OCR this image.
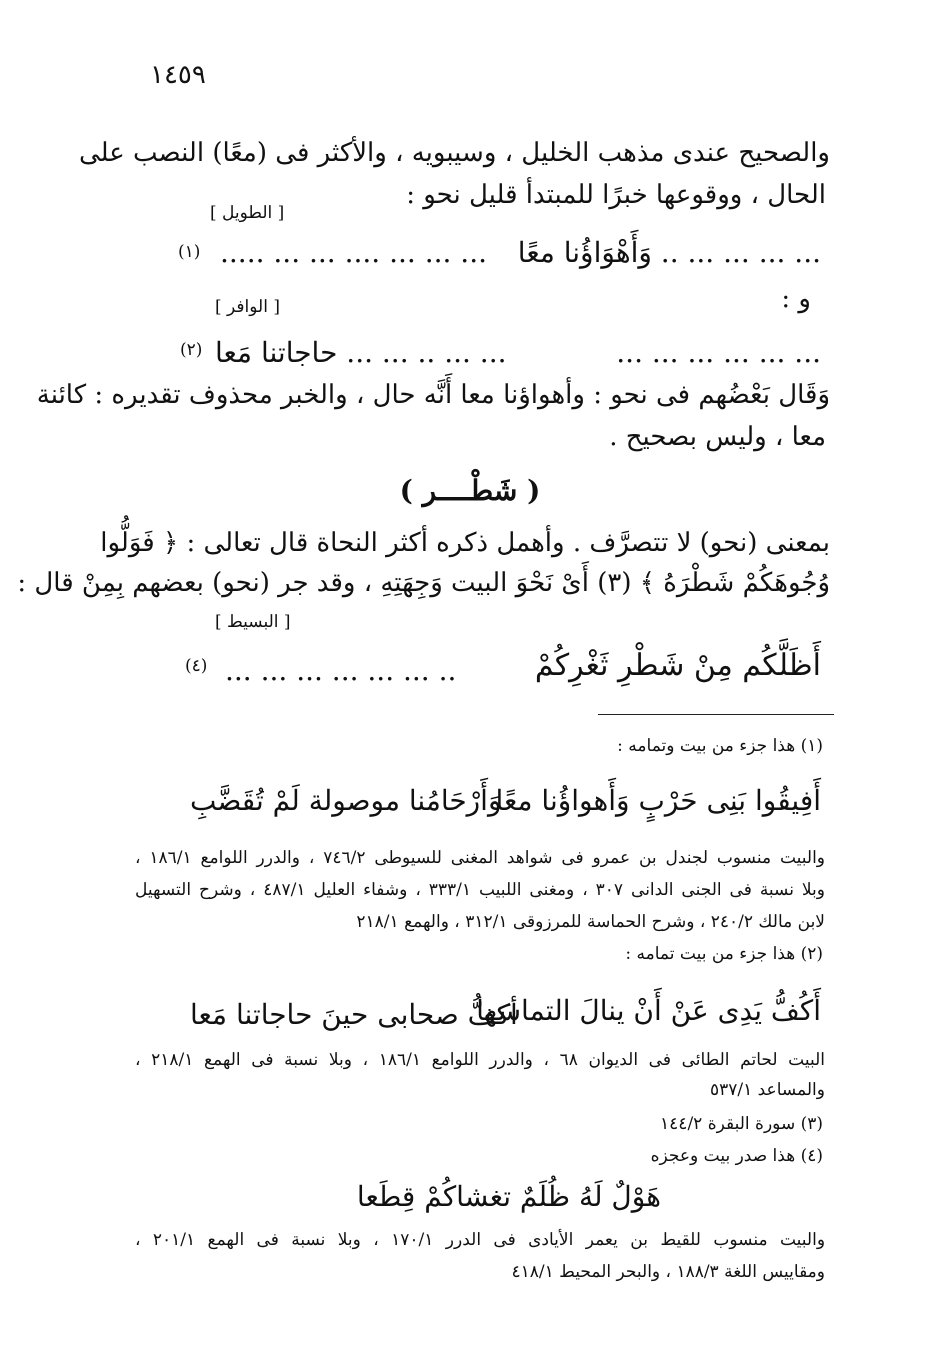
١٤٥٩
والصحيح عندى مذهب الخليل ، وسيبويه ، والأكثر فى (معًا) النصب على
الحال ، ووقوعها خبرًا للمبتدأ قليل نحو :
[ الطويل ]
... ... ... ... .. وَأَهْوَاؤُنا معًا
... ... ... .... ... ... .....
(١)
و :
[ الوافر ]
... ... ... ... ... ...
... ... .. ... ... حاجاتنا مَعا
(٢)
وَقَال بَعْضُهم فى نحو : وأهواؤنا معا أَنَّه حال ، والخبر محذوف تقديره : كائنة
معا ، وليس بصحيح .
( شَطْــــر )
بمعنى (نحو) لا تتصرَّف . وأهمل ذكره أكثر النحاة قال تعالى : ﴿ فَوَلُّوا
وُجُوهَكُمْ شَطْرَهُ ﴾ (٣) أَىْ نَحْوَ البيت وَجِهَتِهِ ، وقد جر (نحو) بعضهم بِمِنْ قال :
[ البسيط ]
أَظَلَّكُم مِنْ شَطْرِ ثَغْرِكُمْ
.. ... ... ... ... ... ...
(٤)
(١) هذا جزء من بيت وتمامه :
أَفِيقُوا بَنِى حَرْبٍ وَأَهواؤُنا معًا
وَأَرْحَامُنا موصولة لَمْ تُقَضَّبِ
والبيت منسوب لجندل بن عمرو فى شواهد المغنى للسيوطى ٧٤٦/٢ ، والدرر اللوامع ١٨٦/١ ،
وبلا نسبة فى الجنى الدانى ٣٠٧ ، ومغنى اللبيب ٣٣٣/١ ، وشفاء العليل ٤٨٧/١ ، وشرح التسهيل
لابن مالك ٢٤٠/٢ ، وشرح الحماسة للمرزوقى ٣١٢/١ ، والهمع ٢١٨/١
(٢) هذا جزء من بيت تمامه :
أَكُفُّ يَدِى عَنْ أَنْ ينالَ التماسَها
أكفُّ صحابى حينَ حاجاتنا مَعا
البيت لحاتم الطائى فى الديوان ٦٨ ، والدرر اللوامع ١٨٦/١ ، وبلا نسبة فى الهمع ٢١٨/١ ،
والمساعد ٥٣٧/١
(٣) سورة البقرة ١٤٤/٢
(٤) هذا صدر بيت وعجزه
هَوْلٌ لَهُ ظُلَمٌ تغشاكُمْ قِطَعا
والبيت منسوب للقيط بن يعمر الأيادى فى الدرر ١٧٠/١ ، وبلا نسبة فى الهمع ٢٠١/١ ،
ومقاييس اللغة ١٨٨/٣ ، والبحر المحيط ٤١٨/١
